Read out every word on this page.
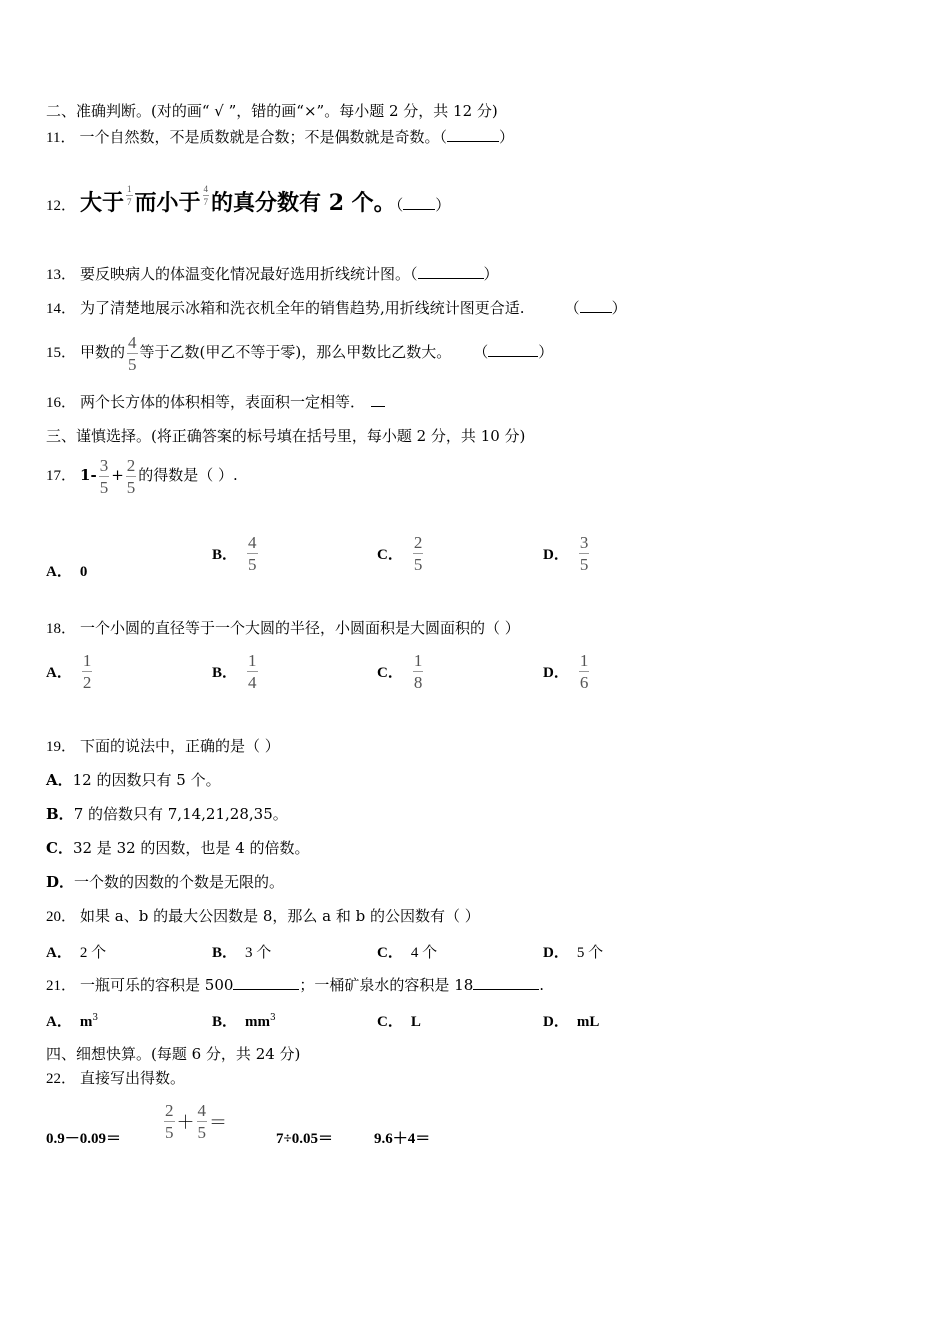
二、准确判断。(对的画“ √ ”，错的画“×”。每小题 2 分，共 12 分)
11． 一个自然数，不是质数就是合数；不是偶数就是奇数。（	）
12． 大于 $\frac{1}{7}$ 而小于 $\frac{4}{7}$ 的真分数有 2 个。（ ）
13． 要反映病人的体温变化情况最好选用折线统计图。（	）
14． 为了清楚地展示冰箱和洗衣机全年的销售趋势,用折线统计图更合适.	（ ）
15． 甲数的 $\frac{4}{5}$ 等于乙数(甲乙不等于零)，那么甲数比乙数大。 （	）
16． 两个长方体的体积相等，表面积一定相等．
三、谨慎选择。(将正确答案的标号填在括号里，每小题 2 分，共 10 分)
17． $1- \frac{3}{5} + \frac{2}{5}$ 的得数是（ ）.
A． 0
B． $\frac{4}{5}$	C． $\frac{2}{5}$	D． $\frac{3}{5}$
18． 一个小圆的直径等于一个大圆的半径，小圆面积是大圆面积的（ ）
A． $\frac{1}{2}$	B． $\frac{1}{4}$	C． $\frac{1}{8}$	D． $\frac{1}{6}$
19． 下面的说法中，正确的是（ ）
A．12 的因数只有 5 个。
B．7 的倍数只有 7,14,21,28,35。
C．32 是 32 的因数，也是 4 的倍数。
D．一个数的因数的个数是无限的。
20． 如果 a、b 的最大公因数是 8，那么 a 和 b 的公因数有（ ）
A． 2 个	B． 3 个	C． 4 个	D． 5 个
21． 一瓶可乐的容积是 500	；一桶矿泉水的容积是 18	.
A． $m^3$	B． $mm^3$	C． L	D． mL
四、细想快算。(每题 6 分，共 24 分)
22． 直接写出得数。
0.9－0.09＝	$\frac{2}{5} + \frac{4}{5}$ ＝
7÷0.05＝	9.6＋4＝
